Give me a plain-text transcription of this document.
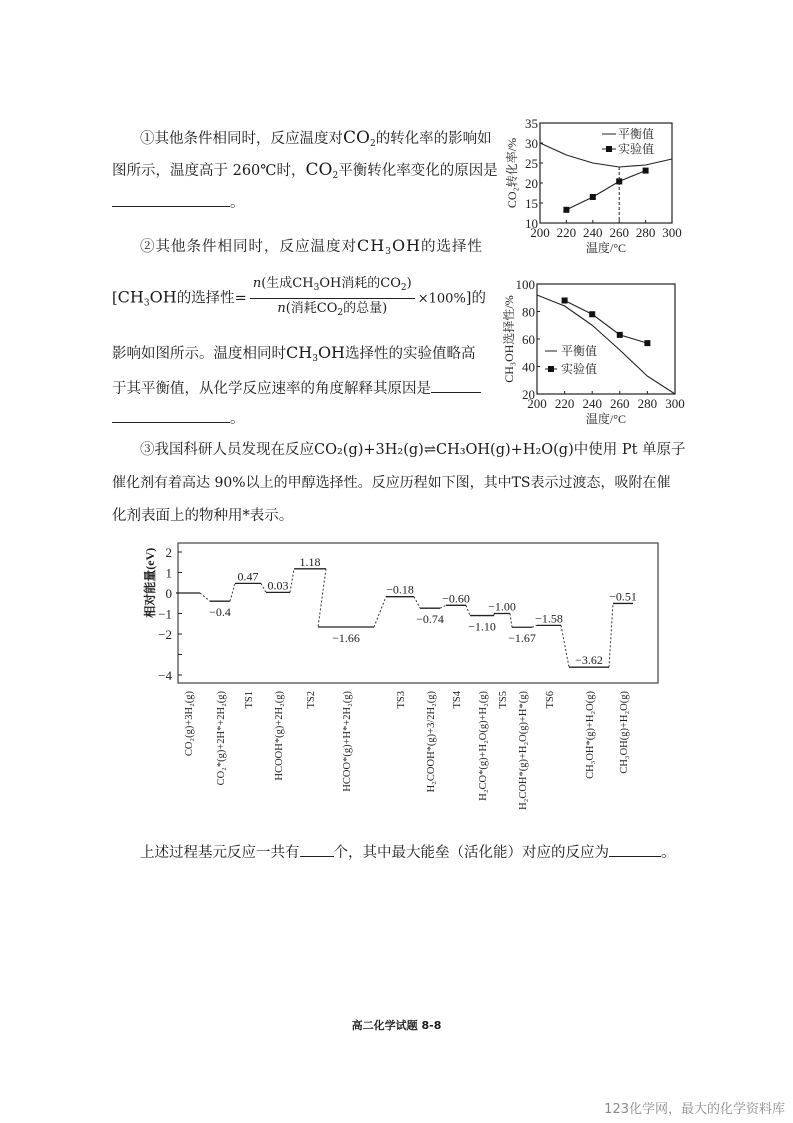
①其他条件相同时，反应温度对$CO_2$的转化率的影响如
图所示，温度高于 260℃时，$CO_2$平衡转化率变化的原因是
。
②其他条件相同时，反应温度对$CH_3OH$的选择性
[$CH_3OH$的选择性= $\frac{n(生成CH_3OH消耗的CO_2)}{n(消耗CO_2的总量)} \times 100\%$]的
影响如图所示。温度相同时$CH_3OH$选择性的实验值略高
于其平衡值，从化学反应速率的角度解释其原因是
。
③我国科研人员发现在反应CO₂(g)+3H₂(g)⇌CH₃OH(g)+H₂O(g)中使用 Pt 单原子
催化剂有着高达 90%以上的甲醇选择性。反应历程如下图，其中TS表示过渡态，吸附在催
化剂表面上的物种用*表示。
上述过程基元反应一共有 个，其中最大能垒（活化能）对应的反应为	。
200 220 240 260 280 300
10
15
20
25
30
35
温度/°C
CO₂转化率/%
平衡值
实验值
200 220 240 260 280 300
20
40
60
80
100
温度/°C
CH₃OH选择性/%	平衡值
实验值
2
1
0
−1
−2
−4
相对能量(eV)
CO₂(g)+3H₂(g)
−0.4
CO₂*(g)+2H*+2H₂(g)
0.47
TS1
0.03
HCOOH*(g)+2H₂(g)
1.18
TS2
−1.66
HCOO*(g)+H*+2H₂(g)
−0.18
TS3
−0.74
H₂COOH*(g)+3/2H₂(g)
−0.60
TS4
−1.10
H₂CO*(g)+H₂O(g)+H₂(g)
−1.00
TS5
−1.67
H₂COH*(g)+H₂O(g)+H*(g)
−1.58
TS6
−3.62
CH₃OH*(g)+H₂O(g)
−0.51
CH₃OH(g)+H₂O(g)
高二化学试题 8-8
123化学网，最大的化学资料库
